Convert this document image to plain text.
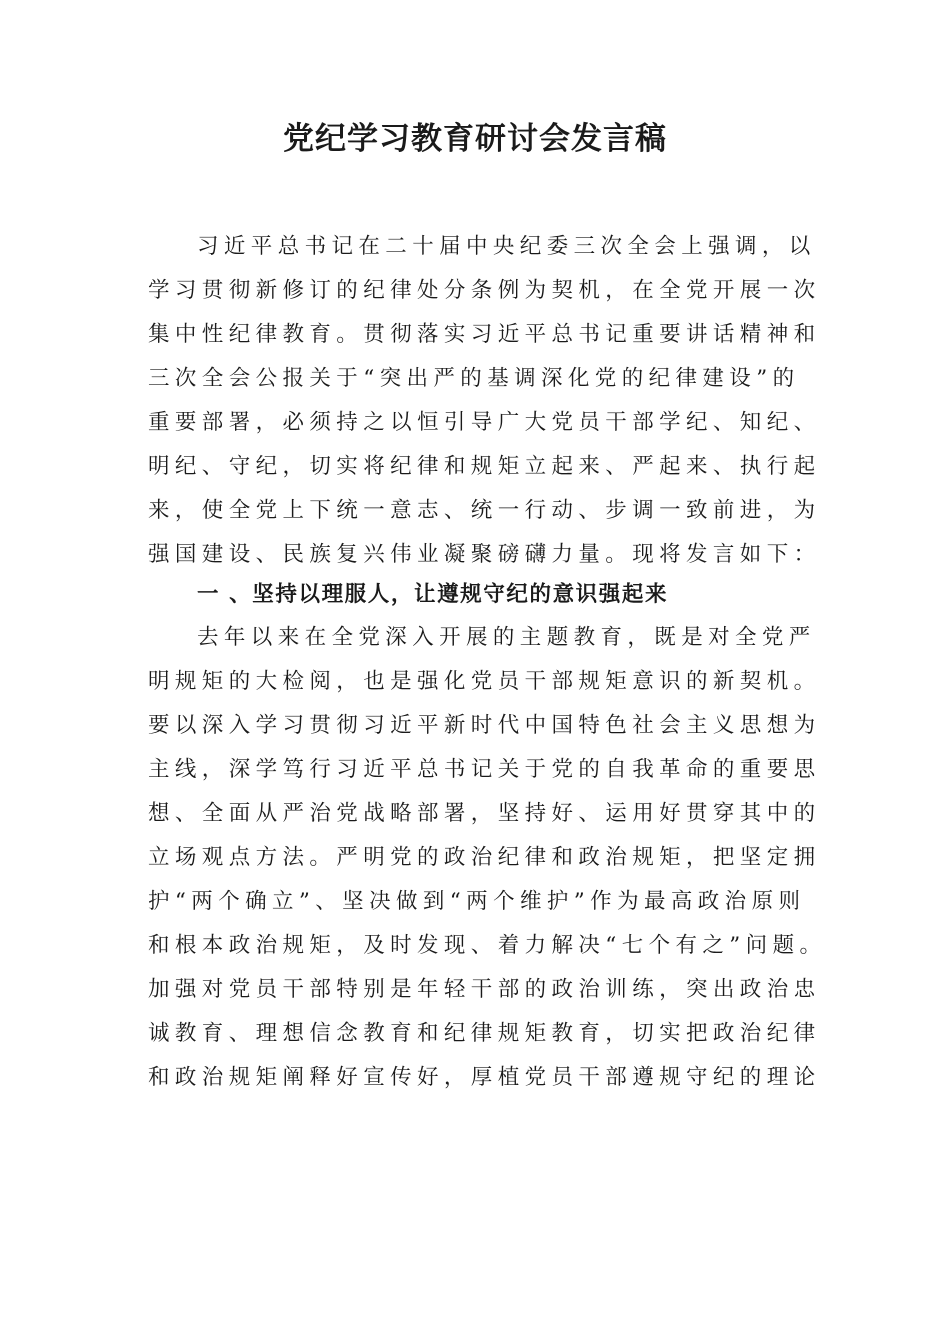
党纪学习教育研讨会发言稿

习近平总书记在二十届中央纪委三次全会上强调，以

学习贯彻新修订的纪律处分条例为契机，在全党开展一次

集中性纪律教育。贯彻落实习近平总书记重要讲话精神和

三次全会公报关于“突出严的基调深化党的纪律建设”的

重要部署，必须持之以恒引导广大党员干部学纪、知纪、

明纪、守纪，切实将纪律和规矩立起来、严起来、执行起

来，使全党上下统一意志、统一行动、步调一致前进，为

强国建设、民族复兴伟业凝聚磅礴力量。现将发言如下：

一 、坚持以理服人，让遵规守纪的意识强起来

去年以来在全党深入开展的主题教育，既是对全党严

明规矩的大检阅，也是强化党员干部规矩意识的新契机。

要以深入学习贯彻习近平新时代中国特色社会主义思想为

主线，深学笃行习近平总书记关于党的自我革命的重要思

想、全面从严治党战略部署，坚持好、运用好贯穿其中的

立场观点方法。严明党的政治纪律和政治规矩，把坚定拥

护“两个确立”、坚决做到“两个维护”作为最高政治原则

和根本政治规矩，及时发现、着力解决“七个有之”问题。

加强对党员干部特别是年轻干部的政治训练，突出政治忠

诚教育、理想信念教育和纪律规矩教育，切实把政治纪律

和政治规矩阐释好宣传好，厚植党员干部遵规守纪的理论
